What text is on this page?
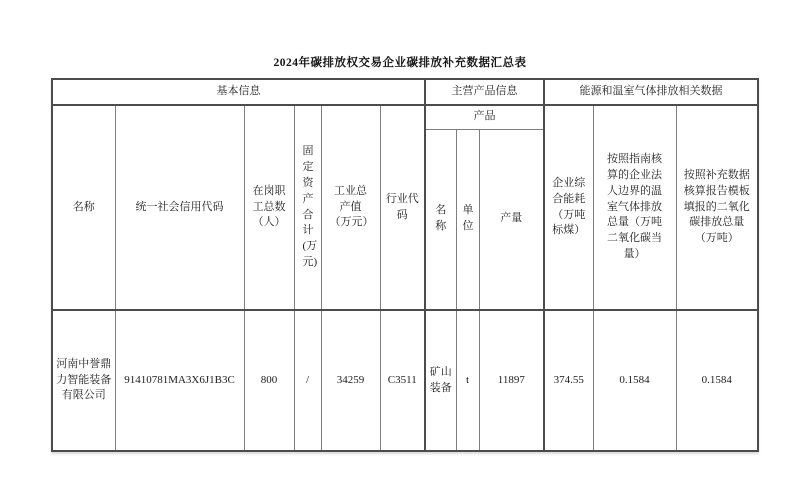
2024年碳排放权交易企业碳排放补充数据汇总表
基本信息						主营产品信息			能源和温室气体排放相关数据		
名称	统一社会信用代码	在岗职工总数（人）	固定资产合计(万元)	工业总产值（万元）	行业代码	产品			企业综合能耗（万吨标煤）	按照指南核算的企业法人边界的温室气体排放总量（万吨二氧化碳当量）	按照补充数据核算报告模板填报的二氧化碳排放总量（万吨）
						名称	单位	产量			
河南中誉鼎力智能装备有限公司	91410781MA3X6J1B3C	800	/	34259	C3511	矿山装备	t	11897	374.55	0.1584	0.1584
